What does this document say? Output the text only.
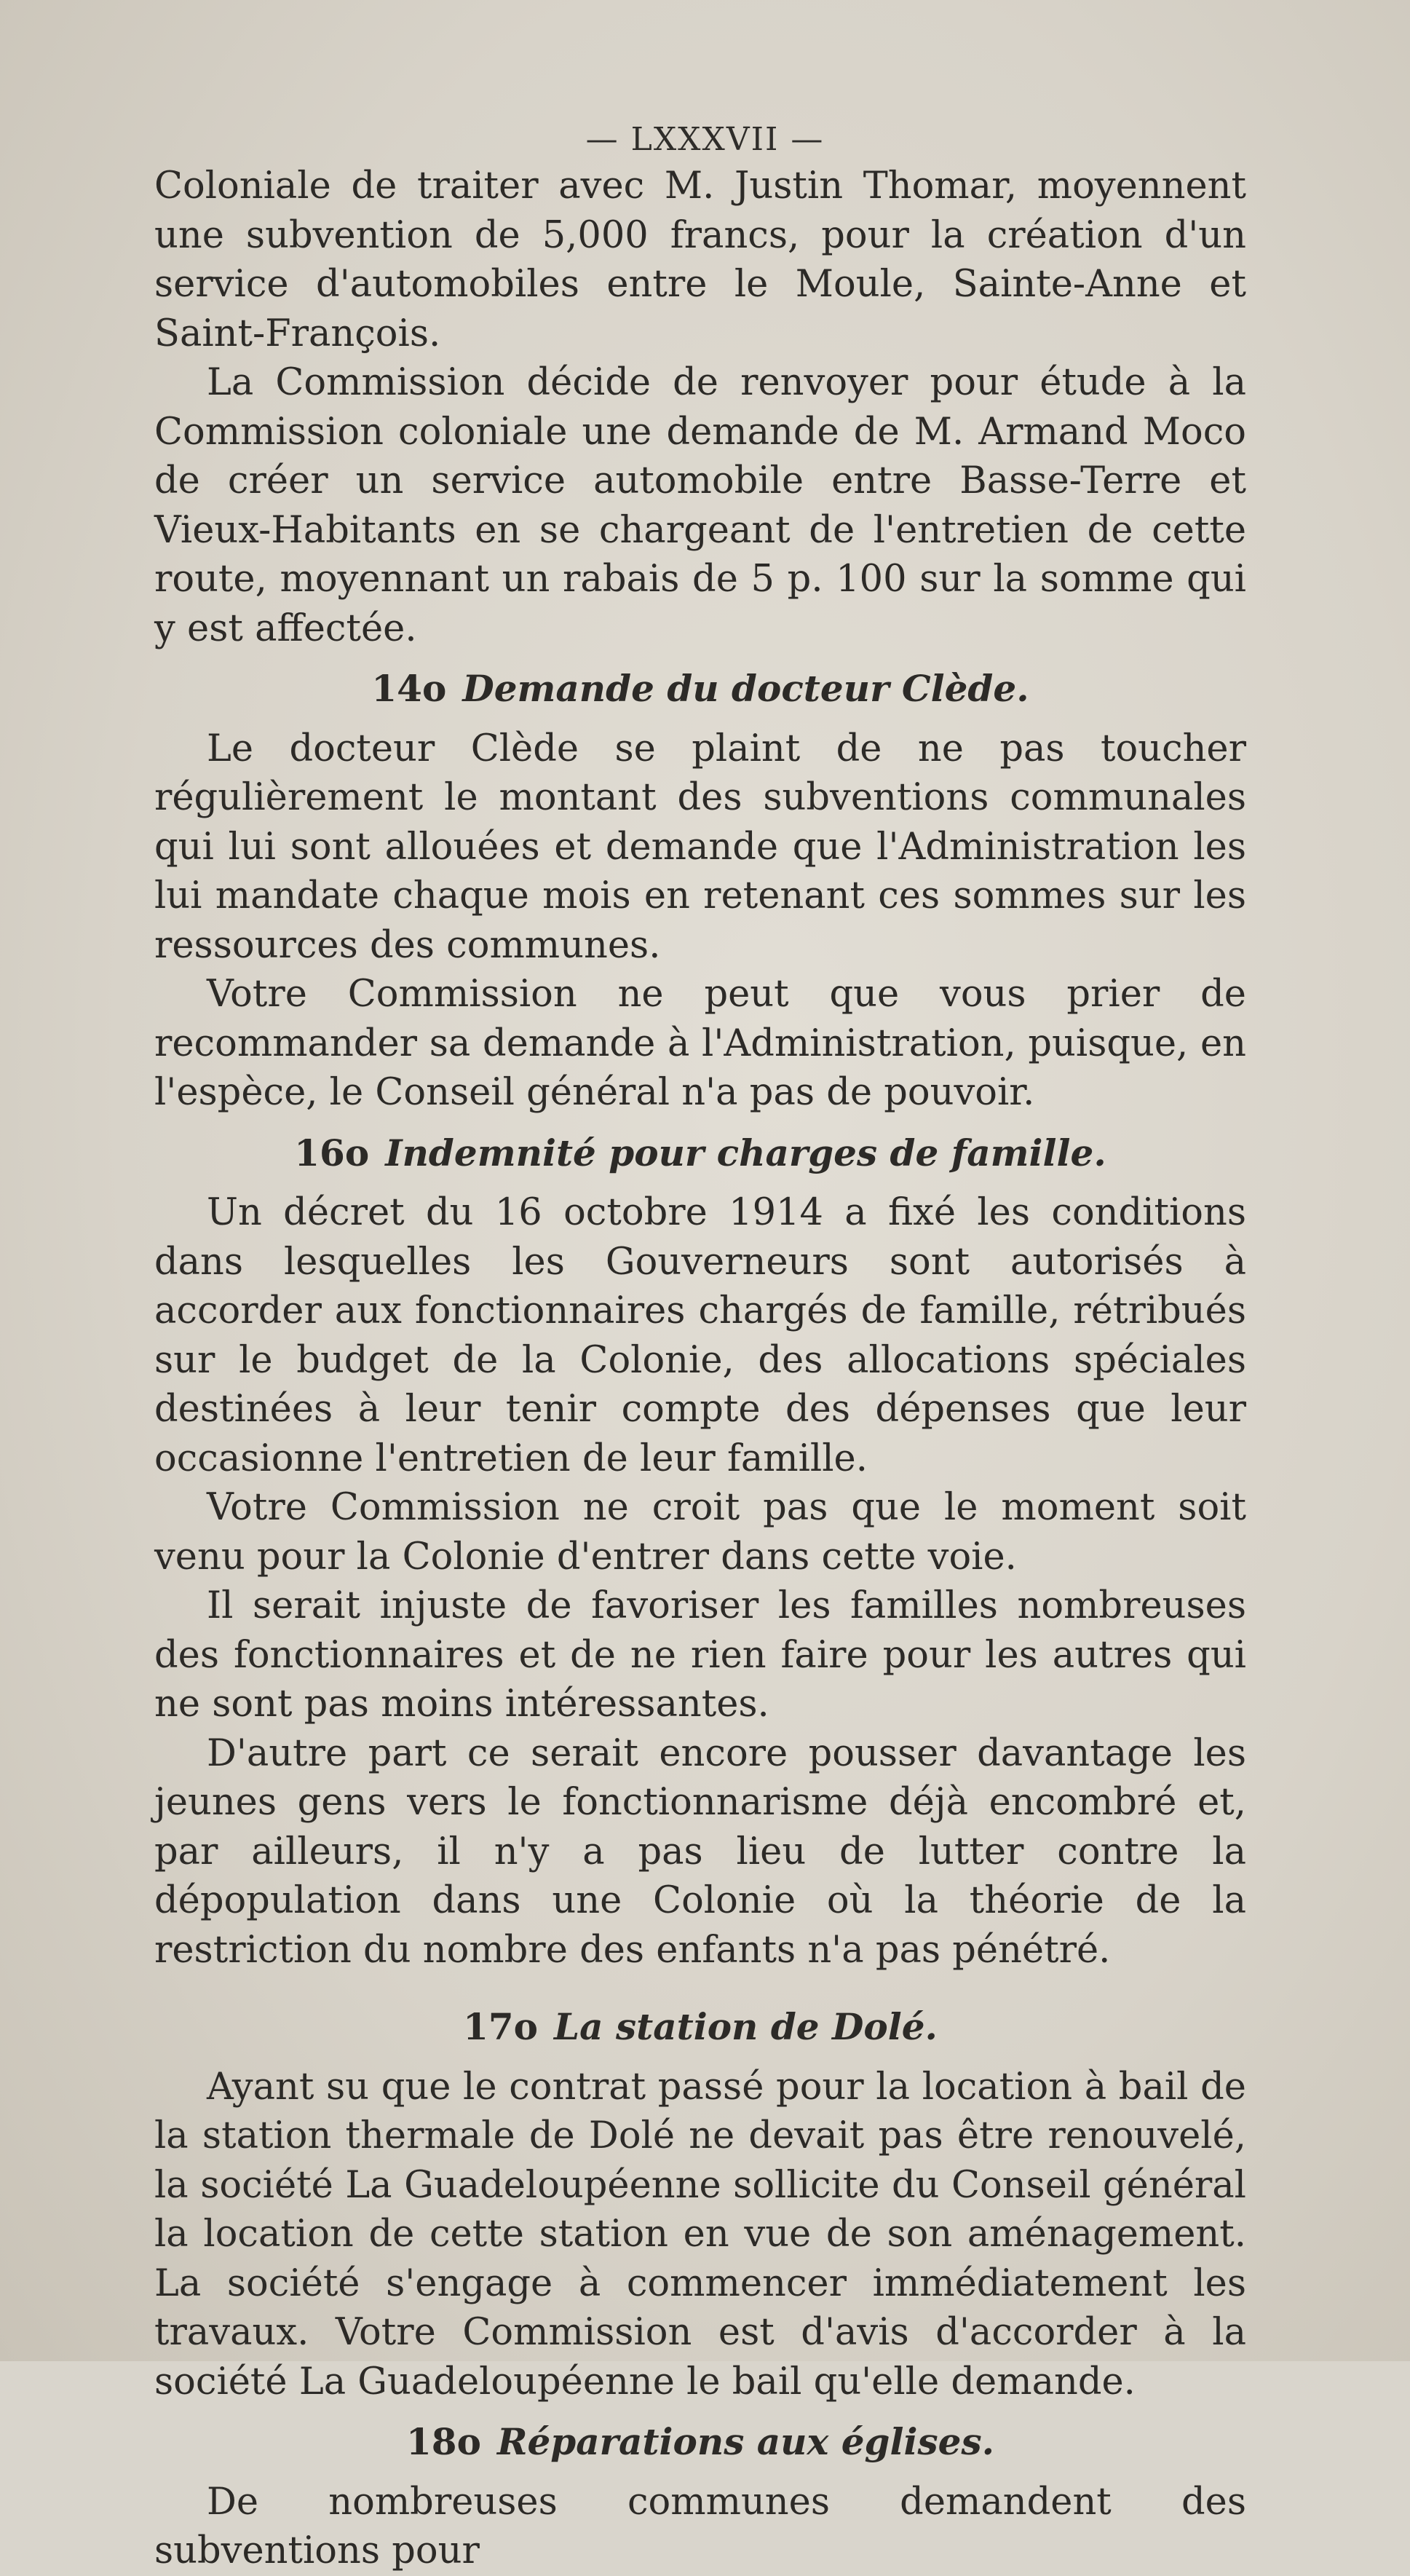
— LXXXVII —

Coloniale de traiter avec M. Justin Thomar, moyennent une subvention de 5,000 francs, pour la création d'un service d'automobiles entre le Moule, Sainte-Anne et Saint-François.

La Commission décide de renvoyer pour étude à la Commission coloniale une demande de M. Armand Moco de créer un service automobile entre Basse-Terre et Vieux-Habitants en se chargeant de l'entretien de cette route, moyennant un rabais de 5 p. 100 sur la somme qui y est affectée.

14o Demande du docteur Clède.

Le docteur Clède se plaint de ne pas toucher régulièrement le montant des subventions communales qui lui sont allouées et demande que l'Administration les lui mandate chaque mois en retenant ces sommes sur les ressources des communes.

Votre Commission ne peut que vous prier de recommander sa demande à l'Administration, puisque, en l'espèce, le Conseil général n'a pas de pouvoir.

16o Indemnité pour charges de famille.

Un décret du 16 octobre 1914 a fixé les conditions dans lesquelles les Gouverneurs sont autorisés à accorder aux fonctionnaires chargés de famille, rétribués sur le budget de la Colonie, des allocations spéciales destinées à leur tenir compte des dépenses que leur occasionne l'entretien de leur famille.

Votre Commission ne croit pas que le moment soit venu pour la Colonie d'entrer dans cette voie.

Il serait injuste de favoriser les familles nombreuses des fonctionnaires et de ne rien faire pour les autres qui ne sont pas moins intéressantes.

D'autre part ce serait encore pousser davantage les jeunes gens vers le fonctionnarisme déjà encombré et, par ailleurs, il n'y a pas lieu de lutter contre la dépopulation dans une Colonie où la théorie de la restriction du nombre des enfants n'a pas pénétré.

17o La station de Dolé.

Ayant su que le contrat passé pour la location à bail de la station thermale de Dolé ne devait pas être renouvelé, la société La Guadeloupéenne sollicite du Conseil général la location de cette station en vue de son aménagement. La société s'engage à commencer immédiatement les travaux. Votre Commission est d'avis d'accorder à la société La Guadeloupéenne le bail qu'elle demande.

18o Réparations aux églises.

De nombreuses communes demandent des subventions pour
